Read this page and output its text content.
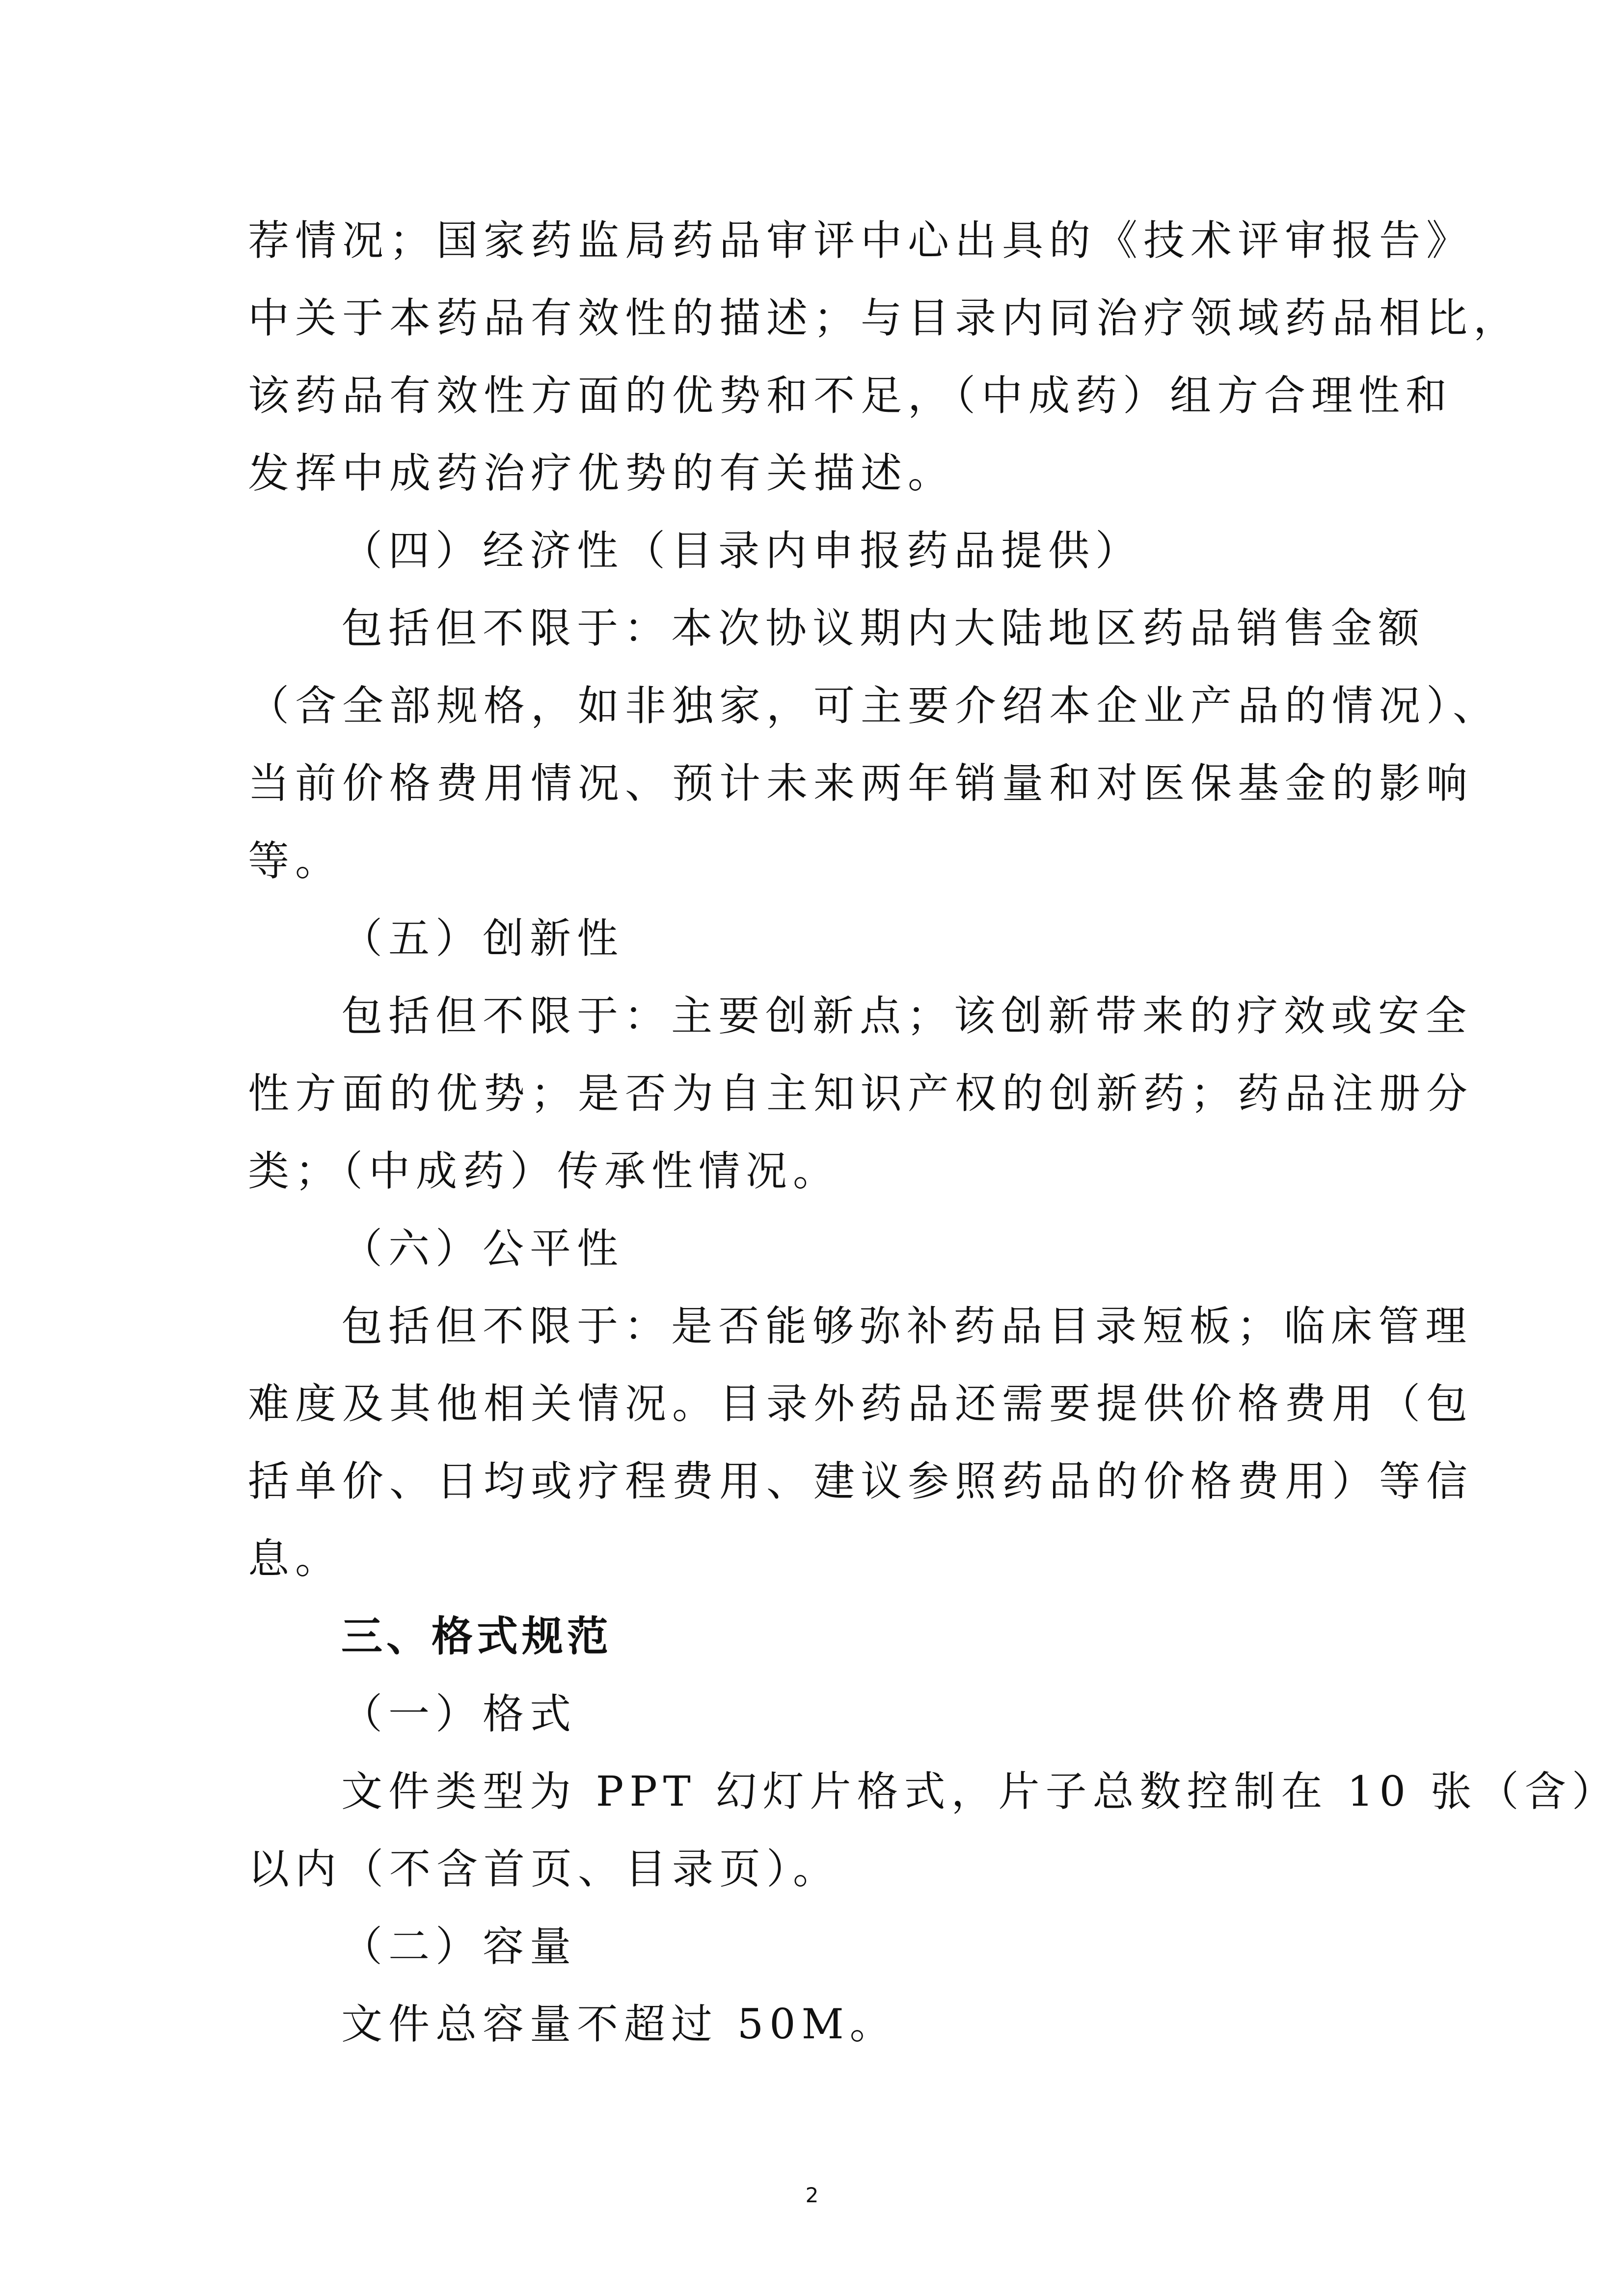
荐情况；国家药监局药品审评中心出具的《技术评审报告》
中关于本药品有效性的描述；与目录内同治疗领域药品相比，
该药品有效性方面的优势和不足，（中成药）组方合理性和
发挥中成药治疗优势的有关描述。
（四）经济性（目录内申报药品提供）
包括但不限于：本次协议期内大陆地区药品销售金额
（含全部规格，如非独家，可主要介绍本企业产品的情况）、
当前价格费用情况、预计未来两年销量和对医保基金的影响
等。
（五）创新性
包括但不限于：主要创新点；该创新带来的疗效或安全
性方面的优势；是否为自主知识产权的创新药；药品注册分
类；（中成药）传承性情况。
（六）公平性
包括但不限于：是否能够弥补药品目录短板；临床管理
难度及其他相关情况。目录外药品还需要提供价格费用（包
括单价、日均或疗程费用、建议参照药品的价格费用）等信
息。
三、格式规范
（一）格式
文件类型为 PPT 幻灯片格式，片子总数控制在 10 张（含）
以内（不含首页、目录页）。
（二）容量
文件总容量不超过 50M。
2
